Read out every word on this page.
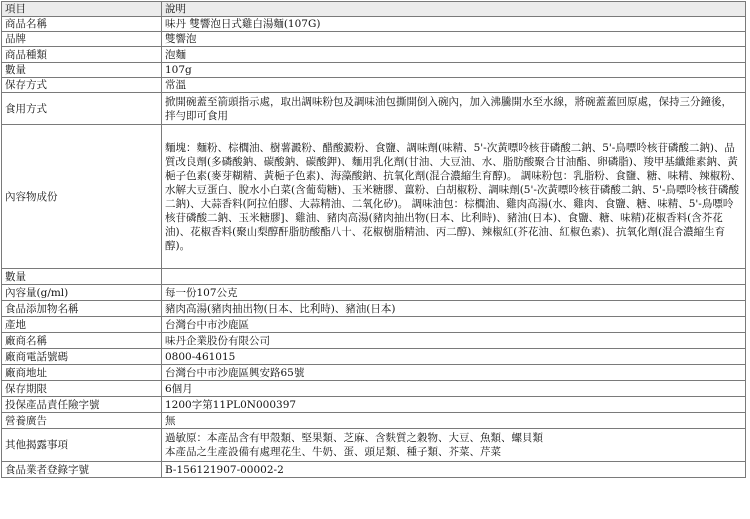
項目	說明
商品名稱	味丹 雙響泡日式雞白湯麵(107G)
品牌	雙響泡
商品種類	泡麵
數量	107g
保存方式	常溫
食用方式	掀開碗蓋至箭頭指示處，取出調味粉包及調味油包撕開倒入碗內，加入沸騰開水至水線，將碗蓋蓋回原處，保持三分鐘後，拌勻即可食用
內容物成份	麵塊：麵粉、棕櫚油、樹薯澱粉、醋酸澱粉、食鹽、調味劑(味精、5'-次黃嘌呤核苷磷酸二鈉、5'-鳥嘌呤核苷磷酸二鈉)、品質改良劑(多磷酸鈉、碳酸鈉、碳酸鉀)、麵用乳化劑(甘油、大豆油、水、脂肪酸聚合甘油酯、卵磷脂)、羧甲基纖維素鈉、黃梔子色素(麥芽糊精、黃梔子色素)、海藻酸鈉、抗氧化劑(混合濃縮生育醇)。 調味粉包：乳脂粉、食鹽、糖、味精、辣椒粉、水解大豆蛋白、脫水小白菜(含葡萄糖)、玉米糖膠、薑粉、白胡椒粉、調味劑(5'-次黃嘌呤核苷磷酸二鈉、5'-鳥嘌呤核苷磷酸二鈉)、大蒜香料(阿拉伯膠、大蒜精油、二氧化矽)。 調味油包：棕櫚油、雞肉高湯(水、雞肉、食鹽、糖、味精、5'-鳥嘌呤核苷磷酸二鈉、玉米糖膠]、雞油、豬肉高湯(豬肉抽出物(日本、比利時)、豬油(日本)、食鹽、糖、味精)花椒香料(含芥花油)、花椒香料(聚山梨醇酐脂肪酸酯八十、花椒樹脂精油、丙二醇)、辣椒紅(芥花油、紅椒色素)、抗氧化劑(混合濃縮生育醇)。
數量	
內容量(g/ml)	每一份107公克
食品添加物名稱	豬肉高湯(豬肉抽出物(日本、比利時)、豬油(日本)
產地	台灣台中市沙鹿區
廠商名稱	味丹企業股份有限公司
廠商電話號碼	0800-461015
廠商地址	台灣台中市沙鹿區興安路65號
保存期限	6個月
投保產品責任險字號	1200字第11PL0N000397
營養廣告	無
其他揭露事項	過敏原：本產品含有甲殼類、堅果類、芝麻、含麩質之穀物、大豆、魚類、螺貝類
本產品之生產設備有處理花生、牛奶、蛋、頭足類、種子類、芥菜、芹菜
食品業者登錄字號	B-156121907-00002-2
